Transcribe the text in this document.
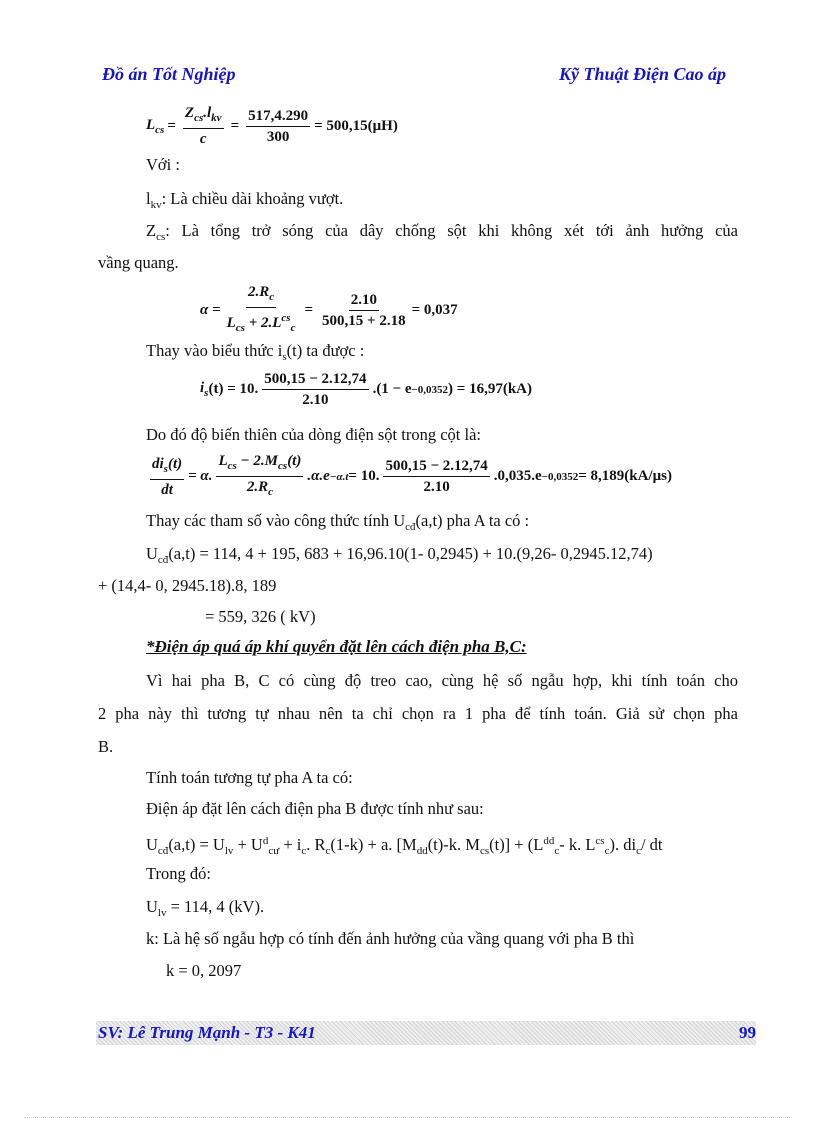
Đồ án Tốt Nghiệp	Kỹ Thuật Điện Cao áp
$L_{cs} = \frac{Z_{cs}.l_{kv}}{c} = \frac{517,4.290}{300} = 500,15(\mu H)$
Với :
$l_{kv}$: Là chiều dài khoảng vượt.
$Z_{cs}$: Là tổng trở sóng của dây chống sột khi không xét tới ảnh hưởng của
vầng quang.
$\alpha = \frac{2.R_c}{L_{cs} + 2.L^{cs}_c} = \frac{2.10}{500,15 + 2.18} = 0,037$
Thay vào biểu thức $i_s(t)$ ta được :
$i_s$ (t) = 10. $\frac{500,15 - 2.12,74}{2.10} .(1 - e -0,0352$ ) = 16,97(kA)
Do đó độ biến thiên của dòng điện sột trong cột là:
$\frac{di_s(t)}{dt} = \alpha$. $\frac{L_{cs} - 2.M_{cs}(t)}{2.R_c} .\alpha.e -\alpha.t = 10$. $\frac{500,15 - 2.12,74}{2.10} .0,035.e -0,0352 = 8,189(kA/\mu s)$
Thay các tham số vào công thức tính $U_{cđ}(a,t)$ pha A ta có :
$U_{cđ}(a,t) = 114$, 4 + 195, 683 + 16,96.10(1- 0,2945) + 10.(9,26- 0,2945.12,74)
+ (14,4- 0, 2945.18).8, 189
= 559, 326 ( kV)
*Điện áp quá áp khí quyển đặt lên cách điện pha B,C:
Vì hai pha B, C có cùng độ treo cao, cùng hệ số ngẫu hợp, khi tính toán cho
2 pha này thì tương tự nhau nên ta chỉ chọn ra 1 pha để tính toán. Giả sử chọn pha
B.
Tính toán tương tự pha A ta có:
Điện áp đặt lên cách điện pha B được tính như sau:
$U_{cđ}(a,t) = U_{lv} + U^d_{cư} + i_c$. $R_c(1-k) + a$. [$M_{dd}(t)-k$. $M_{cs}(t)] + (L^{dd}_c-$ k. $L^{cs}_c$). $di_c/$ dt
Trong đó:
$U_{lv} = 114$, 4 (kV).
k: Là hệ số ngẫu hợp có tính đến ảnh hưởng của vầng quang với pha B thì
k = 0, 2097
SV: Lê Trung Mạnh - T3 - K41	99
